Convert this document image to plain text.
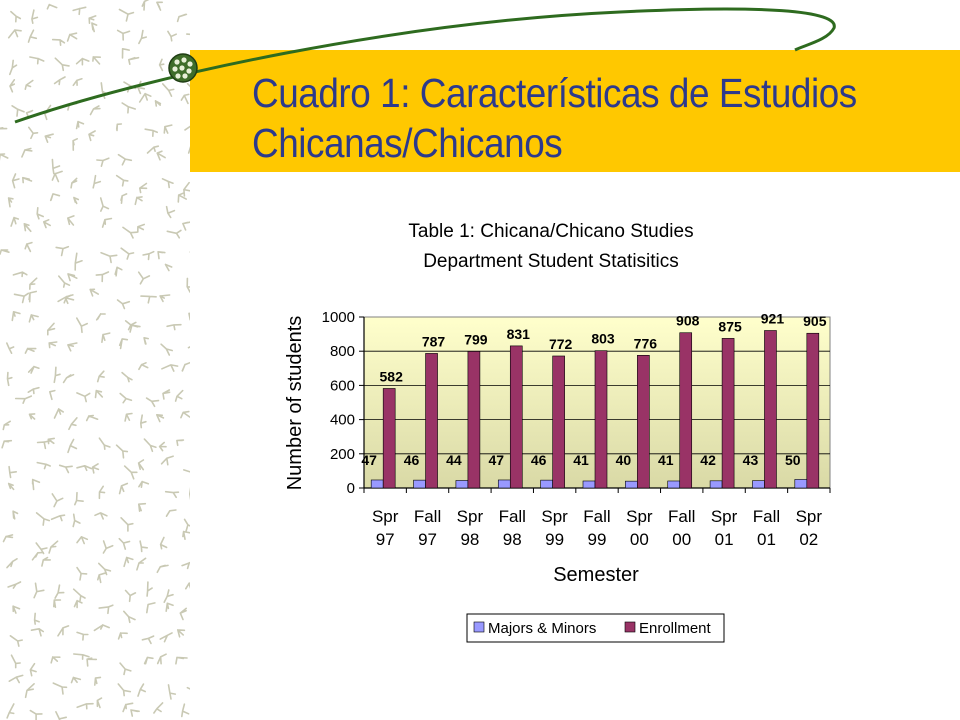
Cuadro 1: Características de Estudios
Chicanas/Chicanos
0
200
400
600
800
1000
47
582
Spr
97
46
787
Fall
97
44
799
Spr
98
47
831
Fall
98
46
772
Spr
99
41
803
Fall
99
40
776
Spr
00
41
908
Fall
00
42
875
Spr
01
43
921
Fall
01
50
905
Spr
02
Table 1: Chicana/Chicano Studies
Department Student Statisitics
Semester
Number of students
Majors & Minors	Enrollment
